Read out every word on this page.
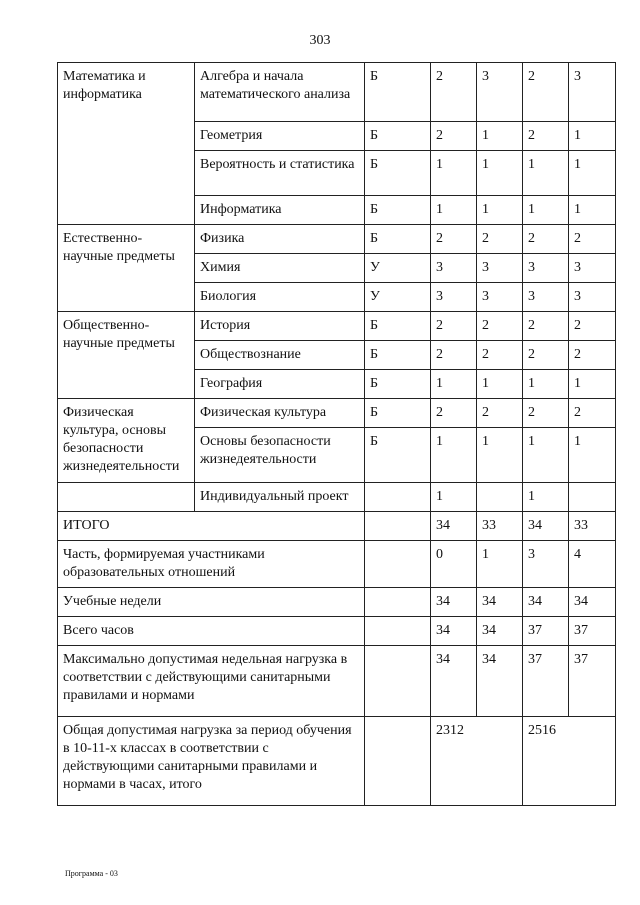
303
Математика и информатика	Алгебра и начала математического анализа	Б	2	3	2	3
	Геометрия	Б	2	1	2	1
	Вероятность и статистика	Б	1	1	1	1
	Информатика	Б	1	1	1	1
Естественно-научные предметы	Физика	Б	2	2	2	2
	Химия	У	3	3	3	3
	Биология	У	3	3	3	3
Общественно-научные предметы	История	Б	2	2	2	2
	Обществознание	Б	2	2	2	2
	География	Б	1	1	1	1
Физическая культура, основы безопасности жизнедеятельности	Физическая культура	Б	2	2	2	2
	Основы безопасности жизнедеятельности	Б	1	1	1	1
	Индивидуальный проект		1		1	
ИТОГО			34	33	34	33
Часть, формируемая участниками образовательных отношений			0	1	3	4
Учебные недели			34	34	34	34
Всего часов			34	34	37	37
Максимально допустимая недельная нагрузка в соответствии с действующими санитарными правилами и нормами			34	34	37	37
Общая допустимая нагрузка за период обучения в 10-11-х классах в соответствии с действующими санитарными правилами и нормами в часах, итого			2312		2516	
Программа - 03
